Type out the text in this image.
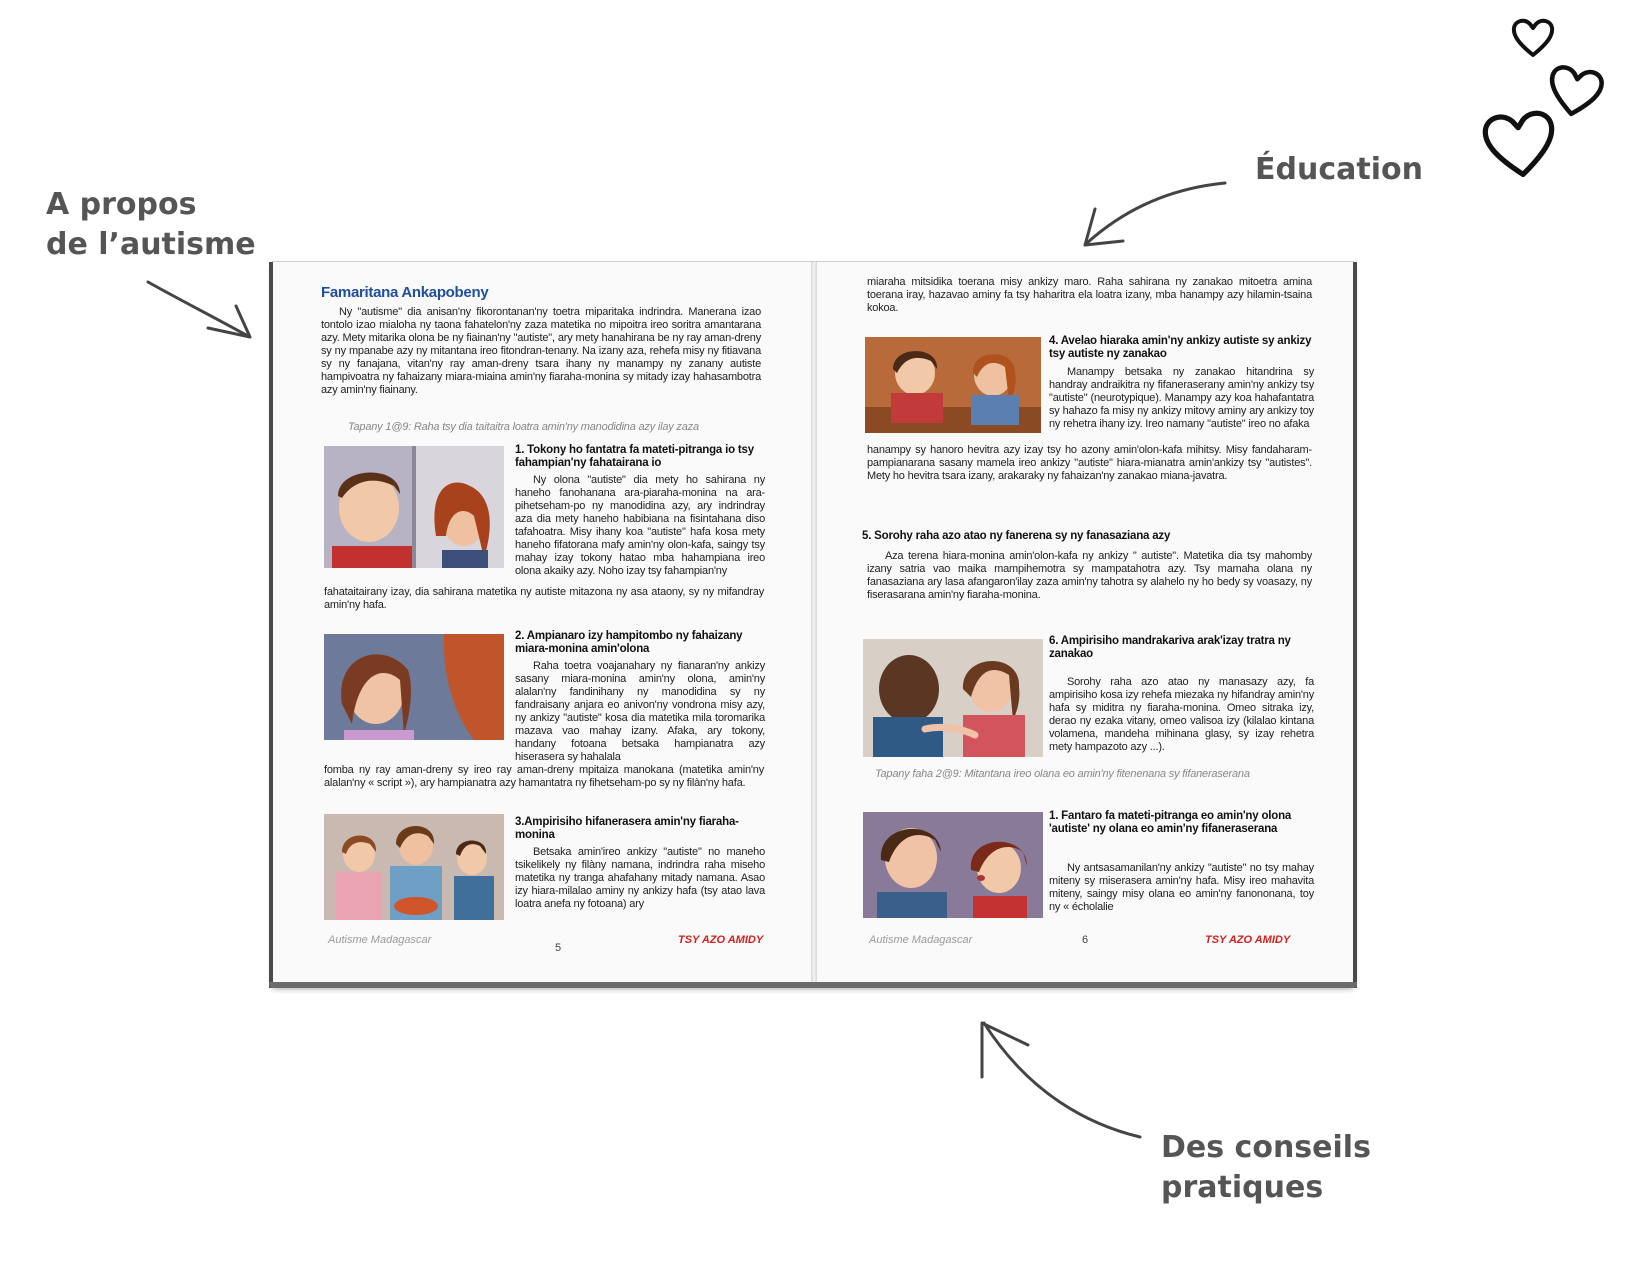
A propos
de l’autisme
Éducation
Des conseils
pratiques

Famaritana Ankapobeny

Ny "autisme" dia anisan'ny fikorontanan'ny toetra miparitaka indrindra. Manerana izao tontolo izao mialoha ny taona fahatelon'ny zaza matetika no mipoitra ireo soritra amantarana azy. Mety mitarika olona be ny fiainan'ny "autiste", ary mety hanahirana be ny ray aman-dreny sy ny mpanabe azy ny mitantana ireo fitondran-tenany. Na izany aza, rehefa misy ny fitiavana sy ny fanajana, vitan'ny ray aman-dreny tsara ihany ny manampy ny zanany autiste hampivoatra ny fahaizany miara-miaina amin'ny fiaraha-monina sy mitady izay hahasambotra azy amin'ny fiainany.

Tapany 1@9: Raha tsy dia taitaitra loatra amin'ny manodidina azy ilay zaza

1. Tokony ho fantatra fa mateti-pitranga io tsy fahampian'ny fahatairana io

Ny olona "autiste" dia mety ho sahirana ny haneho fanohanana ara-piaraha-monina na ara-pihetseham-po ny manodidina azy, ary indrindray aza dia mety haneho habibiana na fisintahana diso tafahoatra. Misy ihany koa "autiste" hafa kosa mety haneho fifatorana mafy amin'ny olon-kafa, saingy tsy mahay izay tokony hatao mba hahampiana ireo olona akaiky azy. Noho izay tsy fahampian'ny

fahataitairany izay, dia sahirana matetika ny autiste mitazona ny asa ataony, sy ny mifandray amin'ny hafa.

2. Ampianaro izy hampitombo ny fahaizany miara-monina amin'olona

Raha toetra voajanahary ny fianaran'ny ankizy sasany miara-monina amin'ny olona, amin'ny alalan'ny fandinihany ny manodidina sy ny fandraisany anjara eo anivon'ny vondrona misy azy, ny ankizy "autiste" kosa dia matetika mila toromarika mazava vao mahay izany. Afaka, ary tokony, handany fotoana betsaka hampianatra azy hiserasera sy hahalala

fomba ny ray aman-dreny sy ireo ray aman-dreny mpitaiza manokana (matetika amin'ny alalan'ny « script »), ary hampianatra azy hamantatra ny fihetseham-po sy ny filàn'ny hafa.

3.Ampirisiho hifanerasera amin'ny fiaraha-monina

Betsaka amin'ireo ankizy "autiste" no maneho tsikelikely ny filàny namana, indrindra raha miseho matetika ny tranga ahafahany mitady namana. Asao izy hiara-milalao aminy ny ankizy hafa (tsy atao lava loatra anefa ny fotoana) ary

Autisme Madagascar

5

TSY AZO AMIDY

miaraha mitsidika toerana misy ankizy maro. Raha sahirana ny zanakao mitoetra amina toerana iray, hazavao aminy fa tsy haharitra ela loatra izany, mba hanampy azy hilamin-tsaina kokoa.

4. Avelao hiaraka amin'ny ankizy autiste sy ankizy tsy autiste ny zanakao

Manampy betsaka ny zanakao hitandrina sy handray andraikitra ny fifaneraserany amin'ny ankizy tsy "autiste" (neurotypique). Manampy azy koa hahafantatra sy hahazo fa misy ny ankizy mitovy aminy ary ankizy toy ny rehetra ihany izy. Ireo namany "autiste" ireo no afaka

hanampy sy hanoro hevitra azy izay tsy ho azony amin'olon-kafa mihitsy. Misy fandaharam-pampianarana sasany mamela ireo ankizy "autiste" hiara-mianatra amin'ankizy tsy "autistes". Mety ho hevitra tsara izany, arakaraky ny fahaizan'ny zanakao miana-javatra.

5. Sorohy raha azo atao ny fanerena sy ny fanasaziana azy

Aza terena hiara-monina amin'olon-kafa ny ankizy " autiste". Matetika dia tsy mahomby izany satria vao maika mampihemotra sy mampatahotra azy. Tsy mamaha olana ny fanasaziana ary lasa afangaron'ilay zaza amin'ny tahotra sy alahelo ny ho bedy sy voasazy, ny fiserasarana amin'ny fiaraha-monina.

6. Ampirisiho mandrakariva arak'izay tratra ny zanakao

Sorohy raha azo atao ny manasazy azy, fa ampirisiho kosa izy rehefa miezaka ny hifandray amin'ny hafa sy miditra ny fiaraha-monina. Omeo sitraka izy, derao ny ezaka vitany, omeo valisoa izy (kilalao kintana volamena, mandeha mihinana glasy, sy izay rehetra mety hampazoto azy ...).

Tapany faha 2@9: Mitantana ireo olana eo amin'ny fitenenana sy fifaneraserana

1. Fantaro fa mateti-pitranga eo amin'ny olona 'autiste' ny olana eo amin'ny fifaneraserana

Ny antsasamanilan'ny ankizy "autiste" no tsy mahay miteny sy miserasera amin'ny hafa. Misy ireo mahavita miteny, saingy misy olana eo amin'ny fanononana, toy ny « écholalie

Autisme Madagascar	6	TSY AZO AMIDY
